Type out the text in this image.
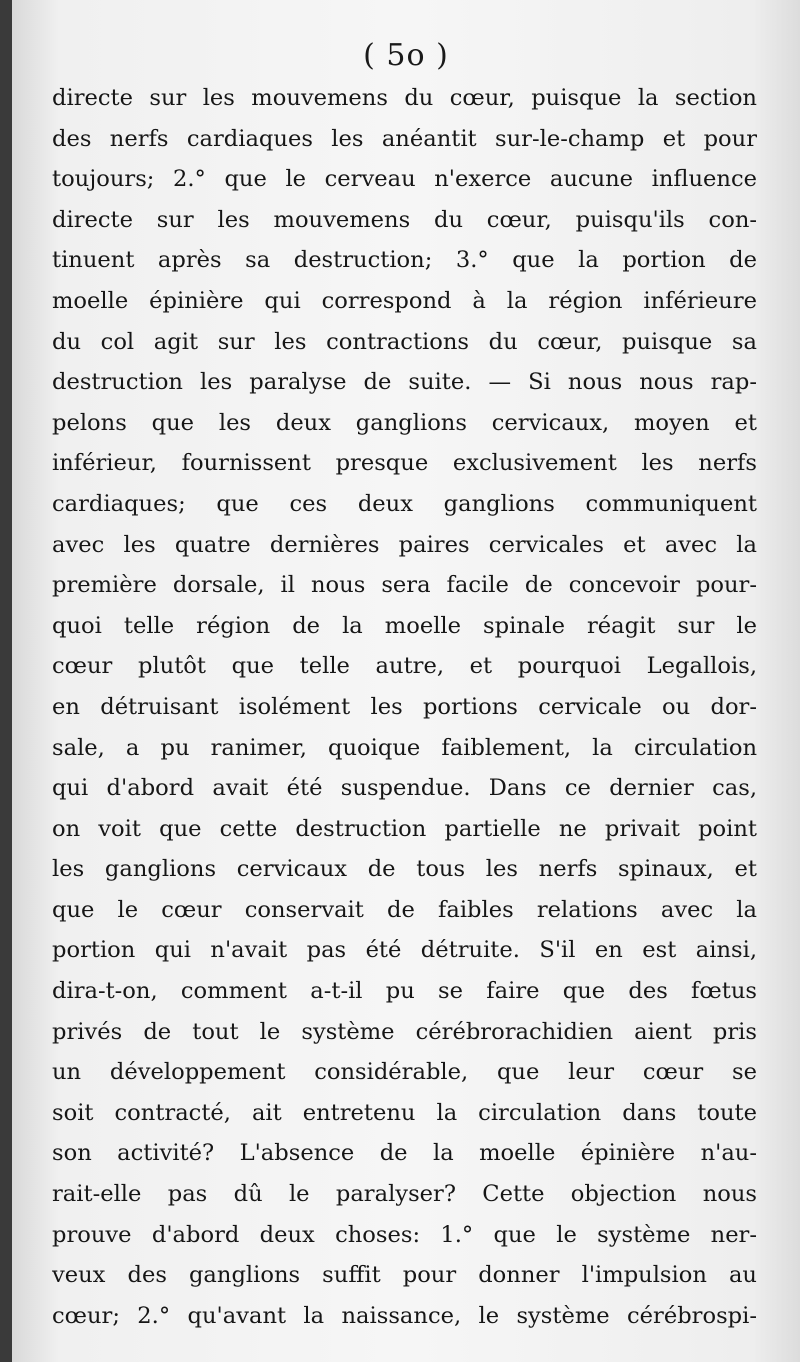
( 5o )
directe sur les mouvemens du cœur, puisque la section
des nerfs cardiaques les anéantit sur-le-champ et pour
toujours; 2.° que le cerveau n'exerce aucune influence
directe sur les mouvemens du cœur, puisqu'ils con-
tinuent après sa destruction; 3.° que la portion de
moelle épinière qui correspond à la région inférieure
du col agit sur les contractions du cœur, puisque sa
destruction les paralyse de suite. — Si nous nous rap-
pelons que les deux ganglions cervicaux, moyen et
inférieur, fournissent presque exclusivement les nerfs
cardiaques; que ces deux ganglions communiquent
avec les quatre dernières paires cervicales et avec la
première dorsale, il nous sera facile de concevoir pour-
quoi telle région de la moelle spinale réagit sur le
cœur plutôt que telle autre, et pourquoi Legallois,
en détruisant isolément les portions cervicale ou dor-
sale, a pu ranimer, quoique faiblement, la circulation
qui d'abord avait été suspendue. Dans ce dernier cas,
on voit que cette destruction partielle ne privait point
les ganglions cervicaux de tous les nerfs spinaux, et
que le cœur conservait de faibles relations avec la
portion qui n'avait pas été détruite. S'il en est ainsi,
dira-t-on, comment a-t-il pu se faire que des fœtus
privés de tout le système cérébrorachidien aient pris
un développement considérable, que leur cœur se
soit contracté, ait entretenu la circulation dans toute
son activité? L'absence de la moelle épinière n'au-
rait-elle pas dû le paralyser? Cette objection nous
prouve d'abord deux choses: 1.° que le système ner-
veux des ganglions suffit pour donner l'impulsion au
cœur; 2.° qu'avant la naissance, le système cérébrospi-
